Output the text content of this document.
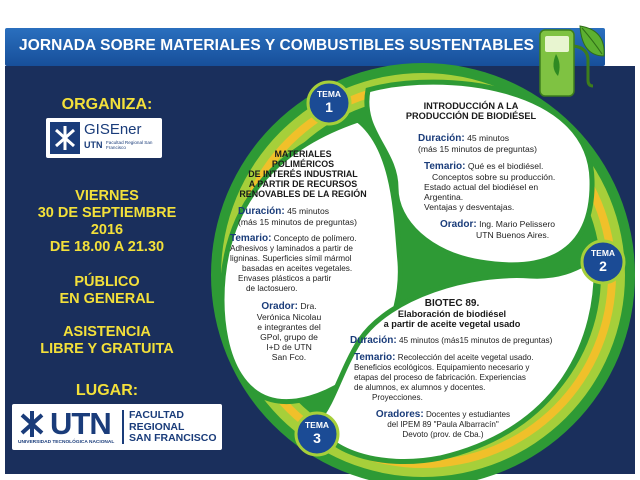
JORNADA SOBRE MATERIALES Y COMBUSTIBLES SUSTENTABLES
TEMA
1
TEMA
2
TEMA
3
ORGANIZA:
VIERNES
30 DE SEPTIEMBRE
2016
DE 18.00 A 21.30
PÚBLICO
EN GENERAL
ASISTENCIA
LIBRE Y GRATUITA
LUGAR:
GISEner
UTN Facultad Regional San Francisco
UTN
UNIVERSIDAD TECNOLÓGICA NACIONAL
FACULTAD
REGIONAL
SAN FRANCISCO
INTRODUCCIÓN A LA
PRODUCCIÓN DE BIODIÉSEL
Duración: 45 minutos
(más 15 minutos de preguntas)
Temario: Qué es el biodiésel.
Conceptos sobre su producción.
Estado actual del biodiésel en
Argentina.
Ventajas y desventajas.
Orador: Ing. Mario Pelissero
UTN Buenos Aires.
MATERIALES
POLIMÉRICOS
DE INTERÉS INDUSTRIAL
A PARTIR DE RECURSOS
RENOVABLES DE LA REGIÓN
Duración: 45 minutos
(más 15 minutos de preguntas)
Temario: Concepto de polímero.
Adhesivos y laminados a partir de
ligninas. Superficies símil mármol
basadas en aceites vegetales.
Envases plásticos a partir
de lactosuero.
Orador: Dra.
Verónica Nicolau
e integrantes del
GPol, grupo de
I+D de UTN
San Fco.
BIOTEC 89.
Elaboración de biodiésel
a partir de aceite vegetal usado
Duración: 45 minutos (más15 minutos de preguntas)
Temario: Recolección del aceite vegetal usado.
Beneficios ecológicos. Equipamiento necesario y
etapas del proceso de fabricación. Experiencias
de alumnos, ex alumnos y docentes.
Proyecciones.
Oradores: Docentes y estudiantes
del IPEM 89 "Paula Albarracín"
Devoto (prov. de Cba.)
